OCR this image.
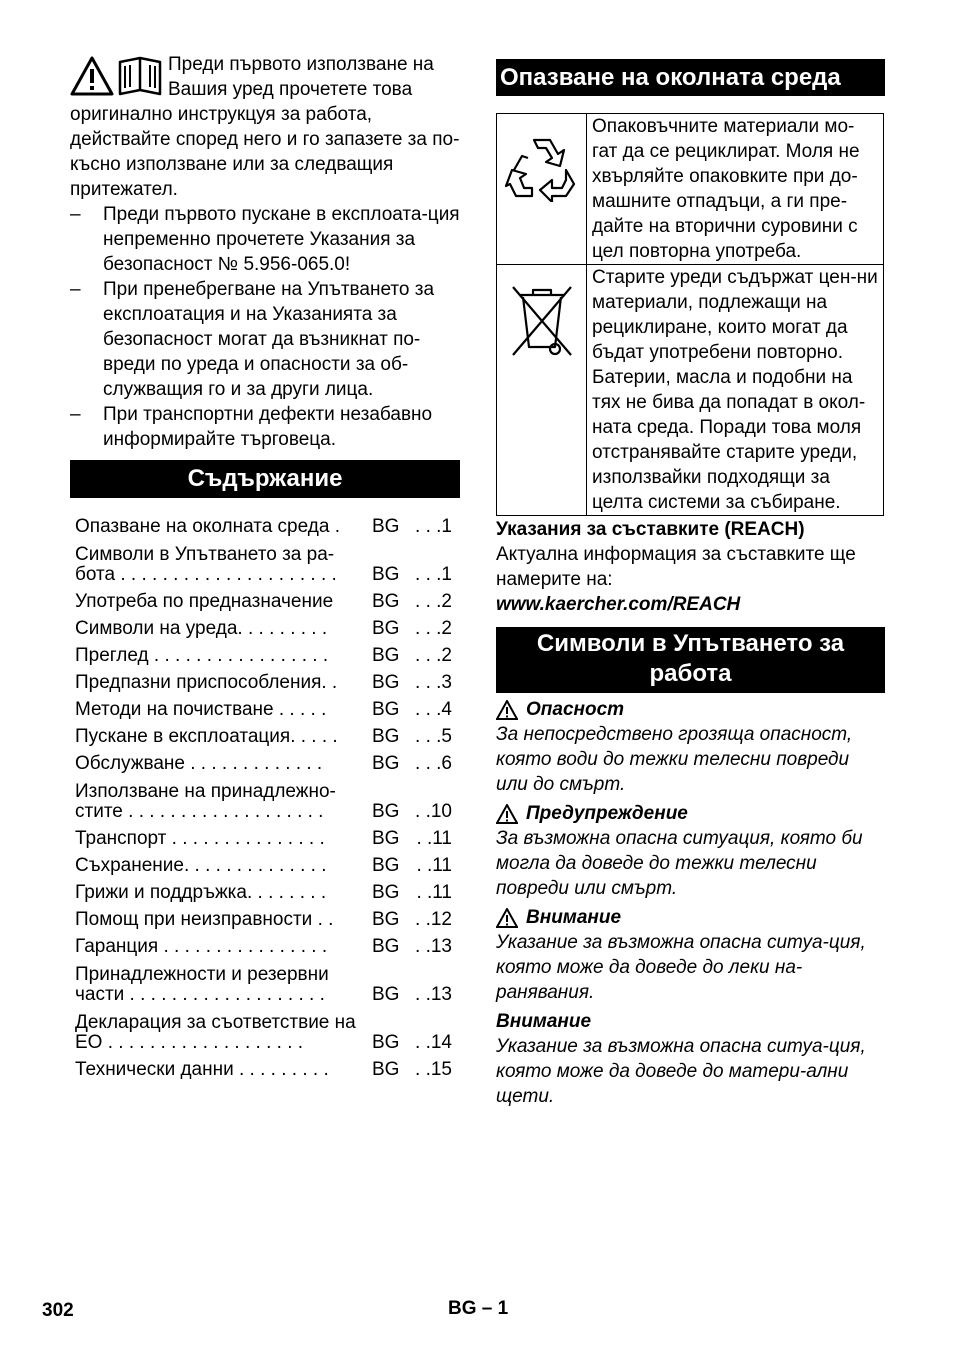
Преди първото използване на Вашия уред прочетете това оригинално инструкцуя за работа, действайте според него и го запазете за по-късно използване или за следващия притежател.

– Преди първото пускане в експлоата-ция непременно прочетете Указания за безопасност № 5.956-065.0!
– При пренебрегване на Упътването за експлоатация и на Указанията за безопасност могат да възникнат по-вреди по уреда и опасности за об-служващия го и за други лица.
– При транспортни дефекти незабавно информирайте търговеца.
Съдържание
Опазване на околната среда .	BG . . .1
Символи в Упътването за ра-бота . . . . . . . . . . . . . . . . . . . . .	BG . . .1
Употреба по предназначение	BG . . .2
Символи на уреда. . . . . . . . .	BG . . .2
Преглед . . . . . . . . . . . . . . . . .	BG . . .2
Предпазни приспособления. .	BG . . .3
Методи на почистване . . . . .	BG . . .4
Пускане в експлоатация. . . . .	BG . . .5
Обслужване . . . . . . . . . . . . .	BG . . .6
Използване на принадлежно-стите . . . . . . . . . . . . . . . . . . .	BG . .10
Транспорт . . . . . . . . . . . . . . .	BG . .11
Съхранение. . . . . . . . . . . . . .	BG . .11
Грижи и поддръжка. . . . . . . .	BG . .11
Помощ при неизправности . .	BG . .12
Гаранция . . . . . . . . . . . . . . . .	BG . .13
Принадлежности и резервни части . . . . . . . . . . . . . . . . . . .	BG . .13
Декларация за съответствие на ЕО . . . . . . . . . . . . . . . . . . .	BG . .14
Технически данни . . . . . . . . .	BG . .15
Опазване на околната среда
	Опаковъчните материали мо-гат да се рециклират. Моля не хвърляйте опаковките при до-машните отпадъци, а ги пре-дайте на вторични суровини с цел повторна употреба.
	Старите уреди съдържат цен-ни материали, подлежащи на рециклиране, които могат да бъдат употребени повторно. Батерии, масла и подобни на тях не бива да попадат в окол-ната среда. Поради това моля отстранявайте старите уреди, използвайки подходящи за целта системи за събиране.
Указания за съставките (REACH)
Актуална информация за съставките ще намерите на:
www.kaercher.com/REACH
Символи в Упътването за работа
Опасност
За непосредствено грозяща опасност, която води до тежки телесни повреди или до смърт.
Предупреждение
За възможна опасна ситуация, която би могла да доведе до тежки телесни повреди или смърт.
Внимание
Указание за възможна опасна ситуа-ция, която може да доведе до леки на-ранявания.
Внимание
Указание за възможна опасна ситуа-ция, която може да доведе до матери-ални щети.
302	BG – 1
